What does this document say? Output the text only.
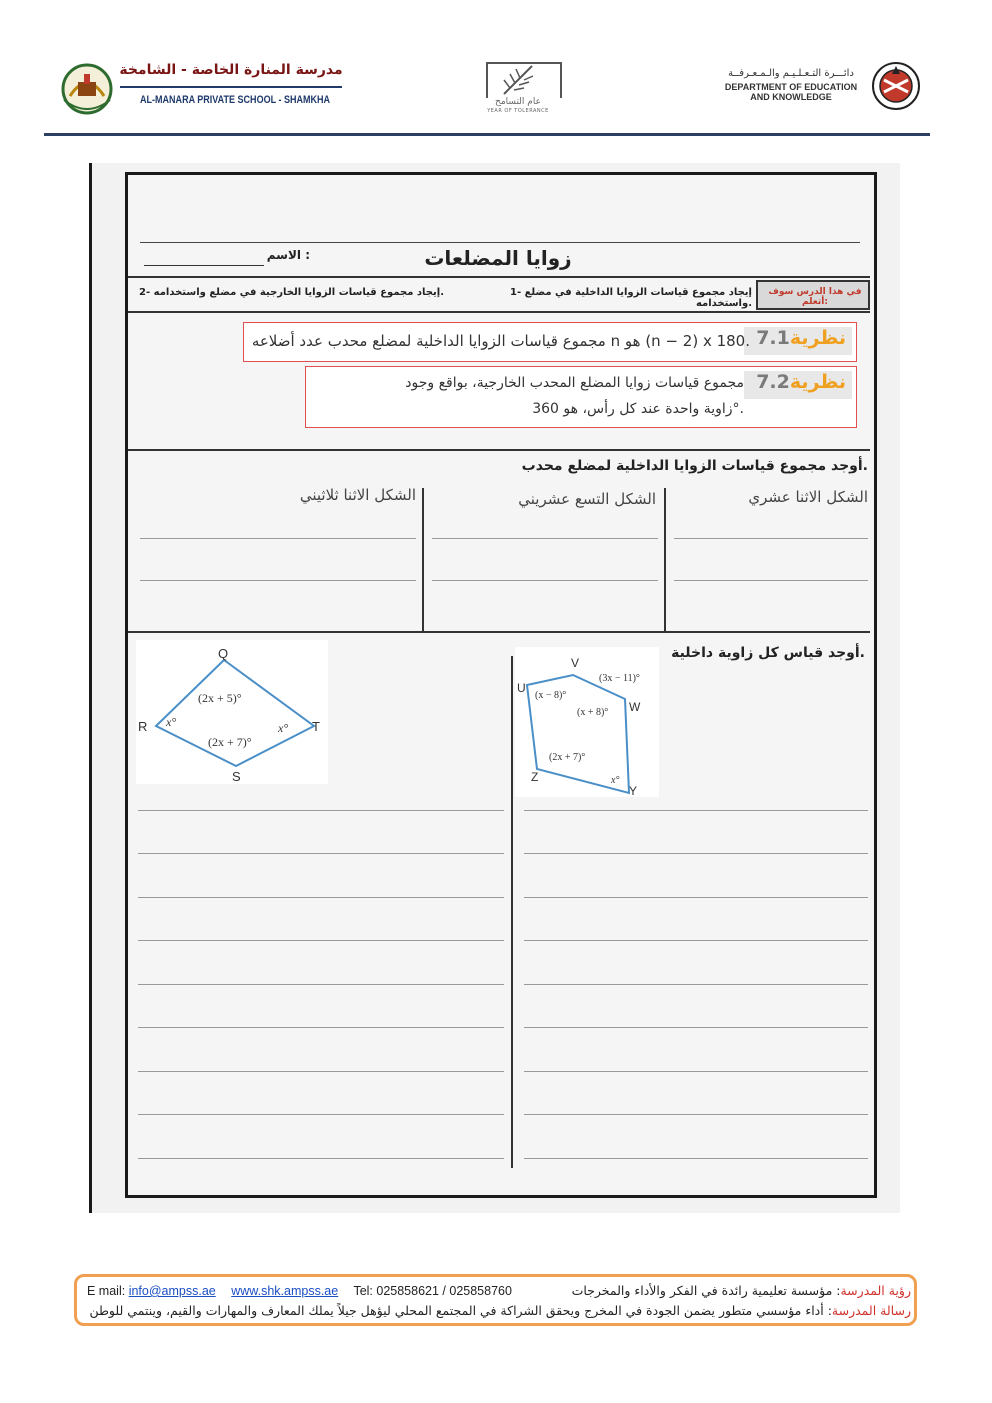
مدرسة المنارة الخاصة - الشامخة
AL-MANARA PRIVATE SCHOOL - SHAMKHA	عام التسامح
YEAR OF TOLERANCE
دائـــرة التـعـلـيـم والـمـعـرفــة
DEPARTMENT OF EDUCATION
AND KNOWLEDGE
زوايا المضلعات
الاسم :
في هذا الدرس سوف أتعلم:
1- إيجاد مجموع قياسات الزوايا الداخلية في مضلع واستخدامه.
2- إيجاد مجموع قياسات الزوايا الخارجية في مضلع واستخدامه.
نظرية7.1
مجموع قياسات الزوايا الداخلية لمضلع محدب عدد أضلاعه n هو (n − 2) x 180.
نظرية7.2
مجموع قياسات زوايا المضلع المحدب الخارجية، بواقع وجود
زاوية واحدة عند كل رأس، هو 360°.
أوجد مجموع قياسات الزوايا الداخلية لمضلع محدب.
الشكل الاثنا عشري
الشكل التسع عشريني
الشكل الاثنا ثلاثيني
أوجد قياس كل زاوية داخلية.
Q
R	T
S
(2x + 5)°
(2x + 7)°
x°	x°
V
U
W
Z
Y
(3x − 11)°
(x − 8)°
(x + 8)°
(2x + 7)°
x°
رؤية المدرسة: مؤسسة تعليمية رائدة في الفكر والأداء والمخرجات
E mail: info@ampss.ae www.shk.ampss.ae Tel: 025858621 / 025858760
رسالة المدرسة: أداء مؤسسي متطور يضمن الجودة في المخرج ويحقق الشراكة في المجتمع المحلي ليؤهل جيلاً يملك المعارف والمهارات والقيم، وينتمي للوطن
